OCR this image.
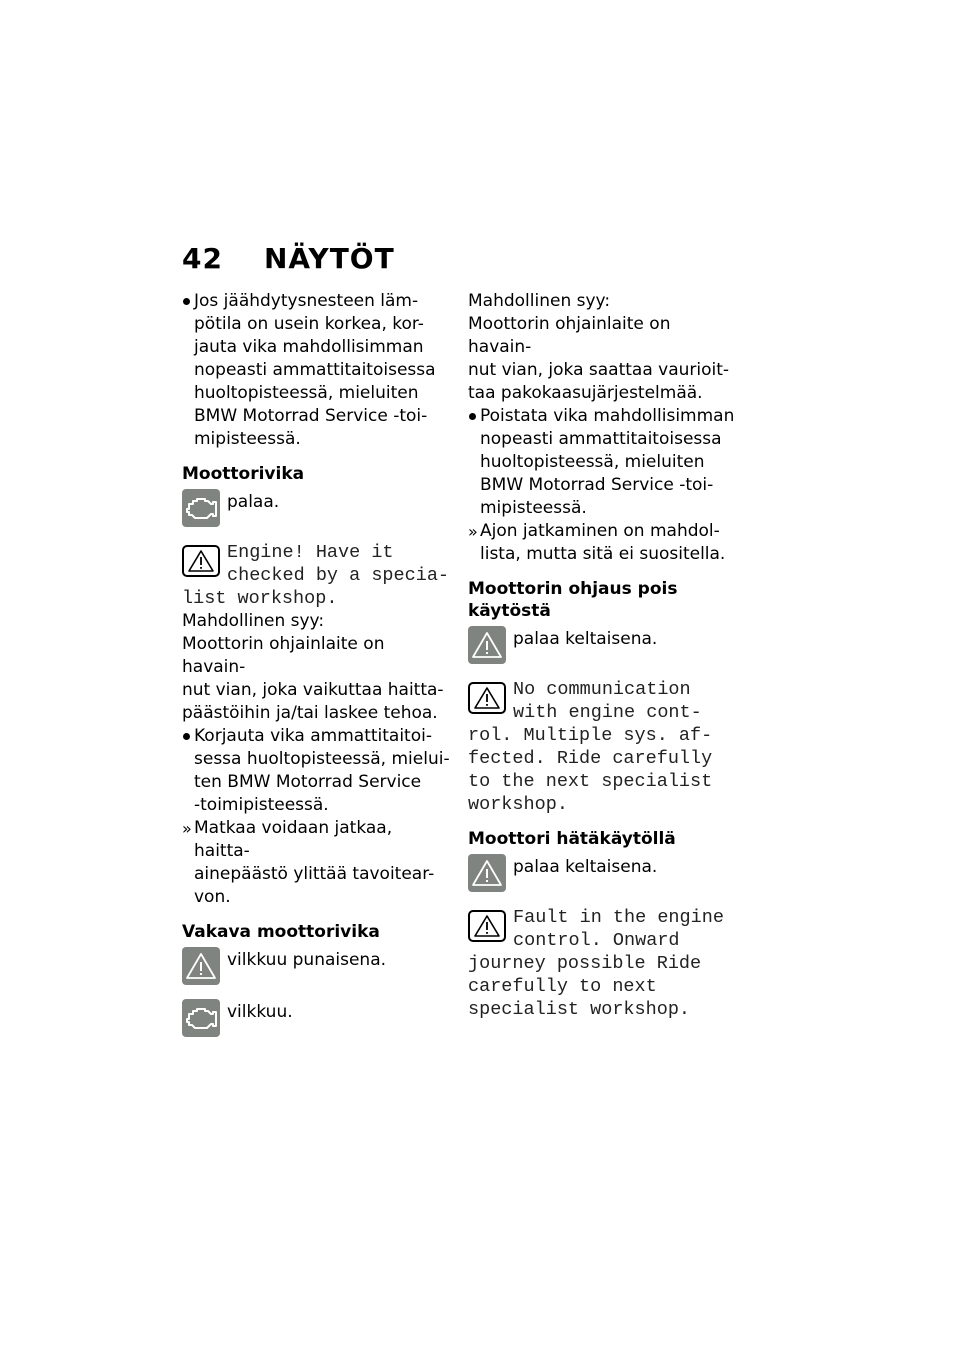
42 NÄYTÖT
Jos jäähdytysnesteen läm-
pötila on usein korkea, kor-
jauta vika mahdollisimman
nopeasti ammattitaitoisessa
huoltopisteessä, mieluiten
BMW Motorrad Service -toi-
mipisteessä.
Moottorivika
palaa.
Engine! Have it
checked by a specia-
list workshop.
Mahdollinen syy:
Moottorin ohjainlaite on havain-
nut vian, joka vaikuttaa haitta-
päästöihin ja/tai laskee tehoa.
Korjauta vika ammattitaitoi-
sessa huoltopisteessä, mielui-
ten BMW Motorrad Service
-toimipisteessä.
» Matkaa voidaan jatkaa, haitta-
ainepäästö ylittää tavoitear-
von.
Vakava moottorivika
vilkkuu punaisena.
vilkkuu.
Mahdollinen syy:
Moottorin ohjainlaite on havain-
nut vian, joka saattaa vaurioit-
taa pakokaasujärjestelmää.
Poistata vika mahdollisimman
nopeasti ammattitaitoisessa
huoltopisteessä, mieluiten
BMW Motorrad Service -toi-
mipisteessä.
» Ajon jatkaminen on mahdol-
lista, mutta sitä ei suositella.
Moottorin ohjaus pois
käytöstä
palaa keltaisena.
No communication
with engine cont-
rol. Multiple sys. af-
fected. Ride carefully
to the next specialist
workshop.
Moottori hätäkäytöllä
palaa keltaisena.
Fault in the engine
control. Onward
journey possible Ride
carefully to next
specialist workshop.
